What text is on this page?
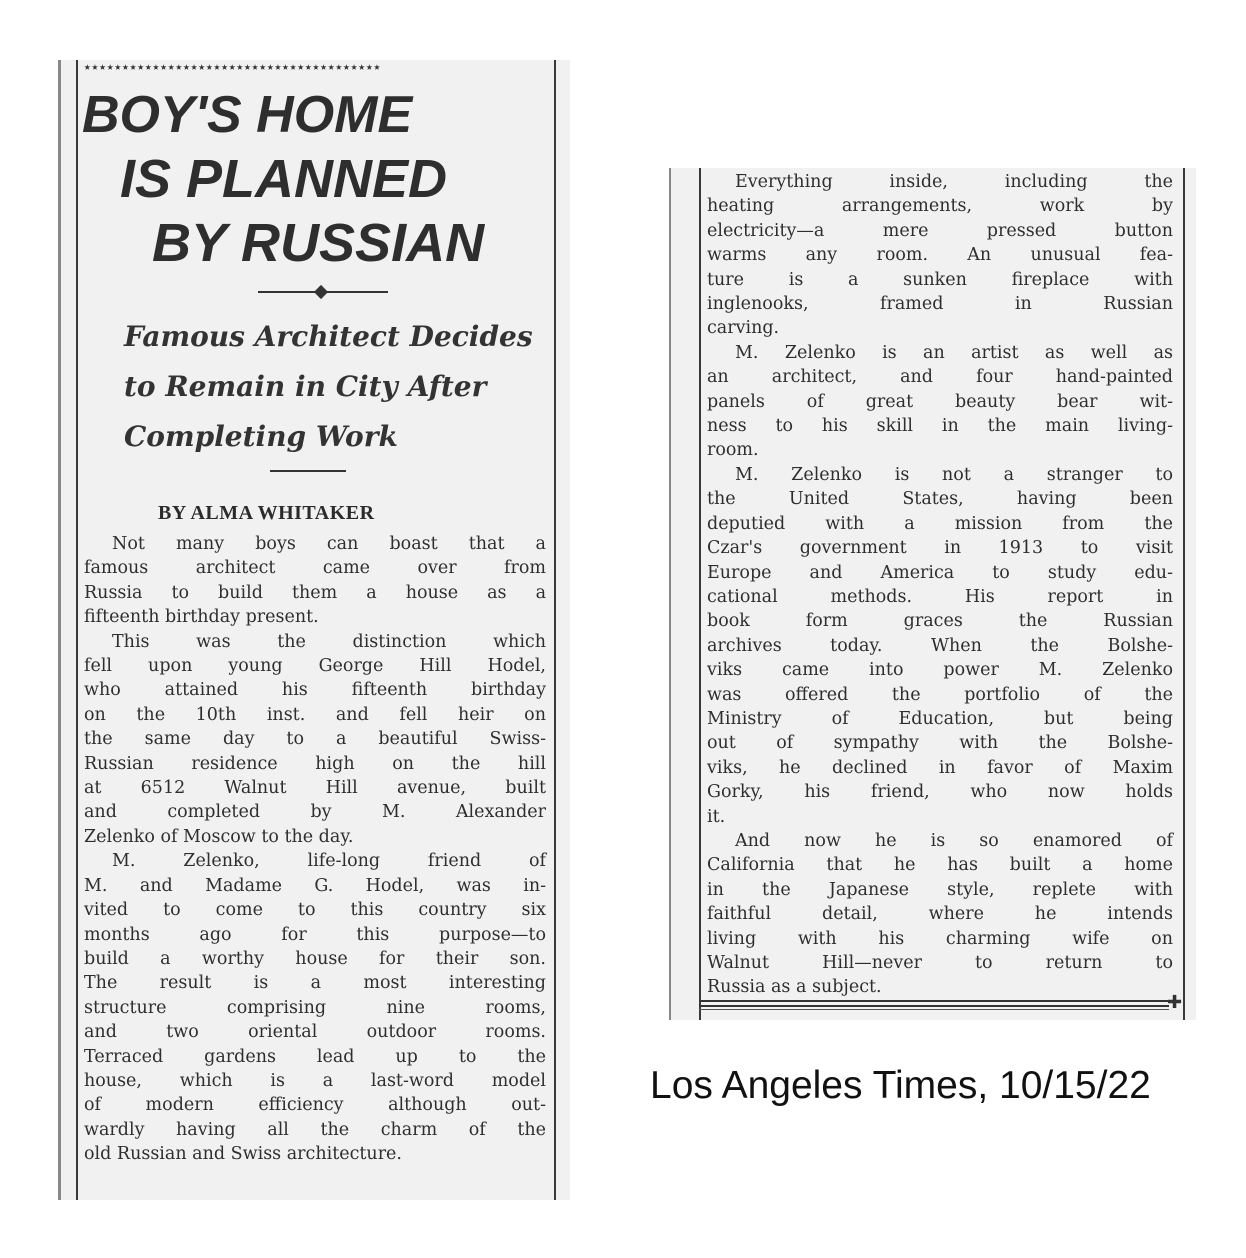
★★★★★★★★★★★★★★★★★★★★★★★★★★★★★★★★★★★★★★★
BOY'S HOME
IS PLANNED
BY RUSSIAN
Famous Architect Decides
to Remain in City After
Completing Work
BY ALMA WHITAKER

Not many boys can boast that a
famous architect came over from
Russia to build them a house as a
fifteenth birthday present.

This was the distinction which
fell upon young George Hill Hodel,
who attained his fifteenth birthday
on the 10th inst. and fell heir on
the same day to a beautiful Swiss-
Russian residence high on the hill
at 6512 Walnut Hill avenue, built
and completed by M. Alexander
Zelenko of Moscow to the day.

M. Zelenko, life-long friend of
M. and Madame G. Hodel, was in-
vited to come to this country six
months ago for this purpose—to
build a worthy house for their son.
The result is a most interesting
structure comprising nine rooms,
and two oriental outdoor rooms.
Terraced gardens lead up to the
house, which is a last-word model
of modern efficiency although out-
wardly having all the charm of the
old Russian and Swiss architecture.

Everything inside, including the
heating arrangements, work by
electricity—a mere pressed button
warms any room. An unusual fea-
ture is a sunken fireplace with
inglenooks, framed in Russian
carving.

M. Zelenko is an artist as well as
an architect, and four hand-painted
panels of great beauty bear wit-
ness to his skill in the main living-
room.

M. Zelenko is not a stranger to
the United States, having been
deputied with a mission from the
Czar's government in 1913 to visit
Europe and America to study edu-
cational methods. His report in
book form graces the Russian
archives today. When the Bolshe-
viks came into power M. Zelenko
was offered the portfolio of the
Ministry of Education, but being
out of sympathy with the Bolshe-
viks, he declined in favor of Maxim
Gorky, his friend, who now holds
it.

And now he is so enamored of
California that he has built a home
in the Japanese style, replete with
faithful detail, where he intends
living with his charming wife on
Walnut Hill—never to return to
Russia as a subject.

✚
Los Angeles Times, 10/15/22
